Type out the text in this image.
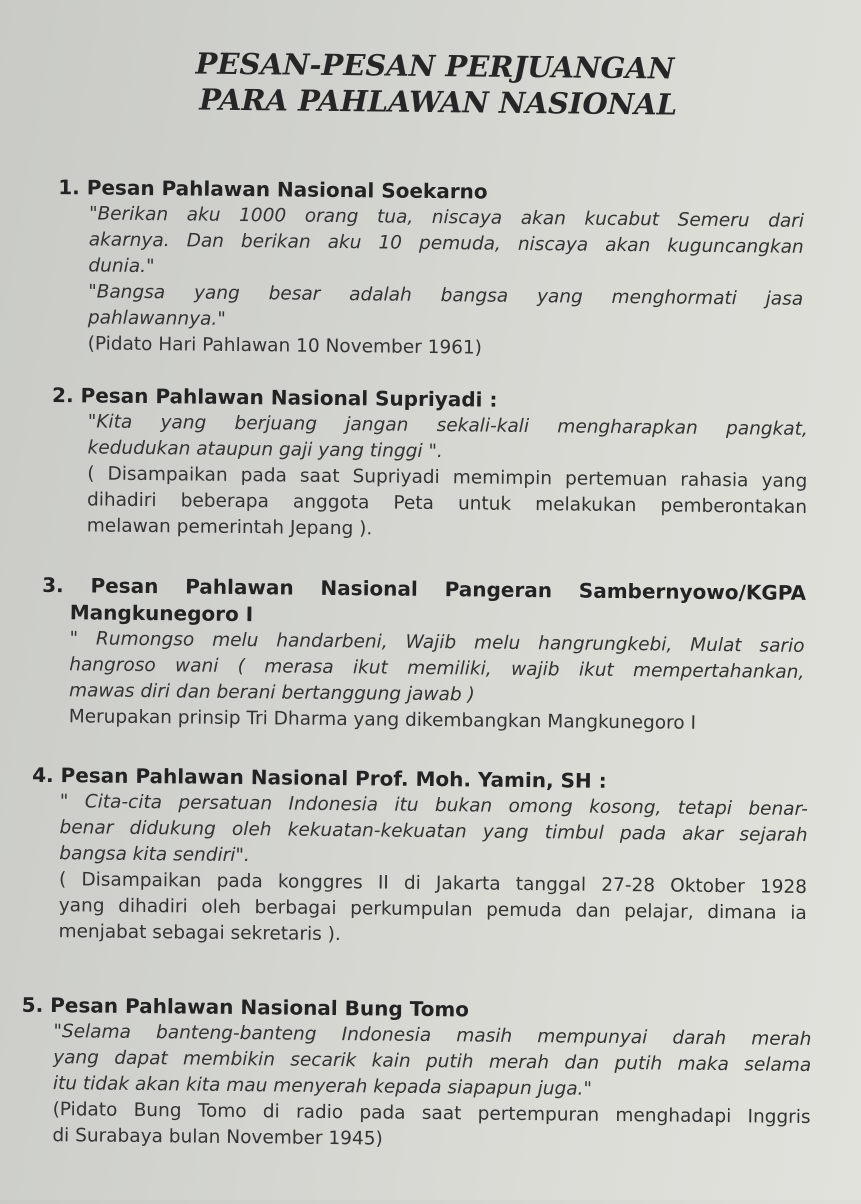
PESAN-PESAN PERJUANGAN
PARA PAHLAWAN NASIONAL
1. Pesan Pahlawan Nasional Soekarno
"Berikan aku 1000 orang tua, niscaya akan kucabut Semeru dari
akarnya. Dan berikan aku 10 pemuda, niscaya akan kuguncangkan
dunia."
"Bangsa yang besar adalah bangsa yang menghormati jasa
pahlawannya."
(Pidato Hari Pahlawan 10 November 1961)
2. Pesan Pahlawan Nasional Supriyadi :
"Kita yang berjuang jangan sekali-kali mengharapkan pangkat,
kedudukan ataupun gaji yang tinggi ".
( Disampaikan pada saat Supriyadi memimpin pertemuan rahasia yang
dihadiri beberapa anggota Peta untuk melakukan pemberontakan
melawan pemerintah Jepang ).
3. Pesan Pahlawan Nasional Pangeran Sambernyowo/KGPA
Mangkunegoro I
" Rumongso melu handarbeni, Wajib melu hangrungkebi, Mulat sario
hangroso wani ( merasa ikut memiliki, wajib ikut mempertahankan,
mawas diri dan berani bertanggung jawab )
Merupakan prinsip Tri Dharma yang dikembangkan Mangkunegoro I
4. Pesan Pahlawan Nasional Prof. Moh. Yamin, SH :
" Cita-cita persatuan Indonesia itu bukan omong kosong, tetapi benar-
benar didukung oleh kekuatan-kekuatan yang timbul pada akar sejarah
bangsa kita sendiri".
( Disampaikan pada konggres II di Jakarta tanggal 27-28 Oktober 1928
yang dihadiri oleh berbagai perkumpulan pemuda dan pelajar, dimana ia
menjabat sebagai sekretaris ).
5. Pesan Pahlawan Nasional Bung Tomo
"Selama banteng-banteng Indonesia masih mempunyai darah merah
yang dapat membikin secarik kain putih merah dan putih maka selama
itu tidak akan kita mau menyerah kepada siapapun juga."
(Pidato Bung Tomo di radio pada saat pertempuran menghadapi Inggris
di Surabaya bulan November 1945)
